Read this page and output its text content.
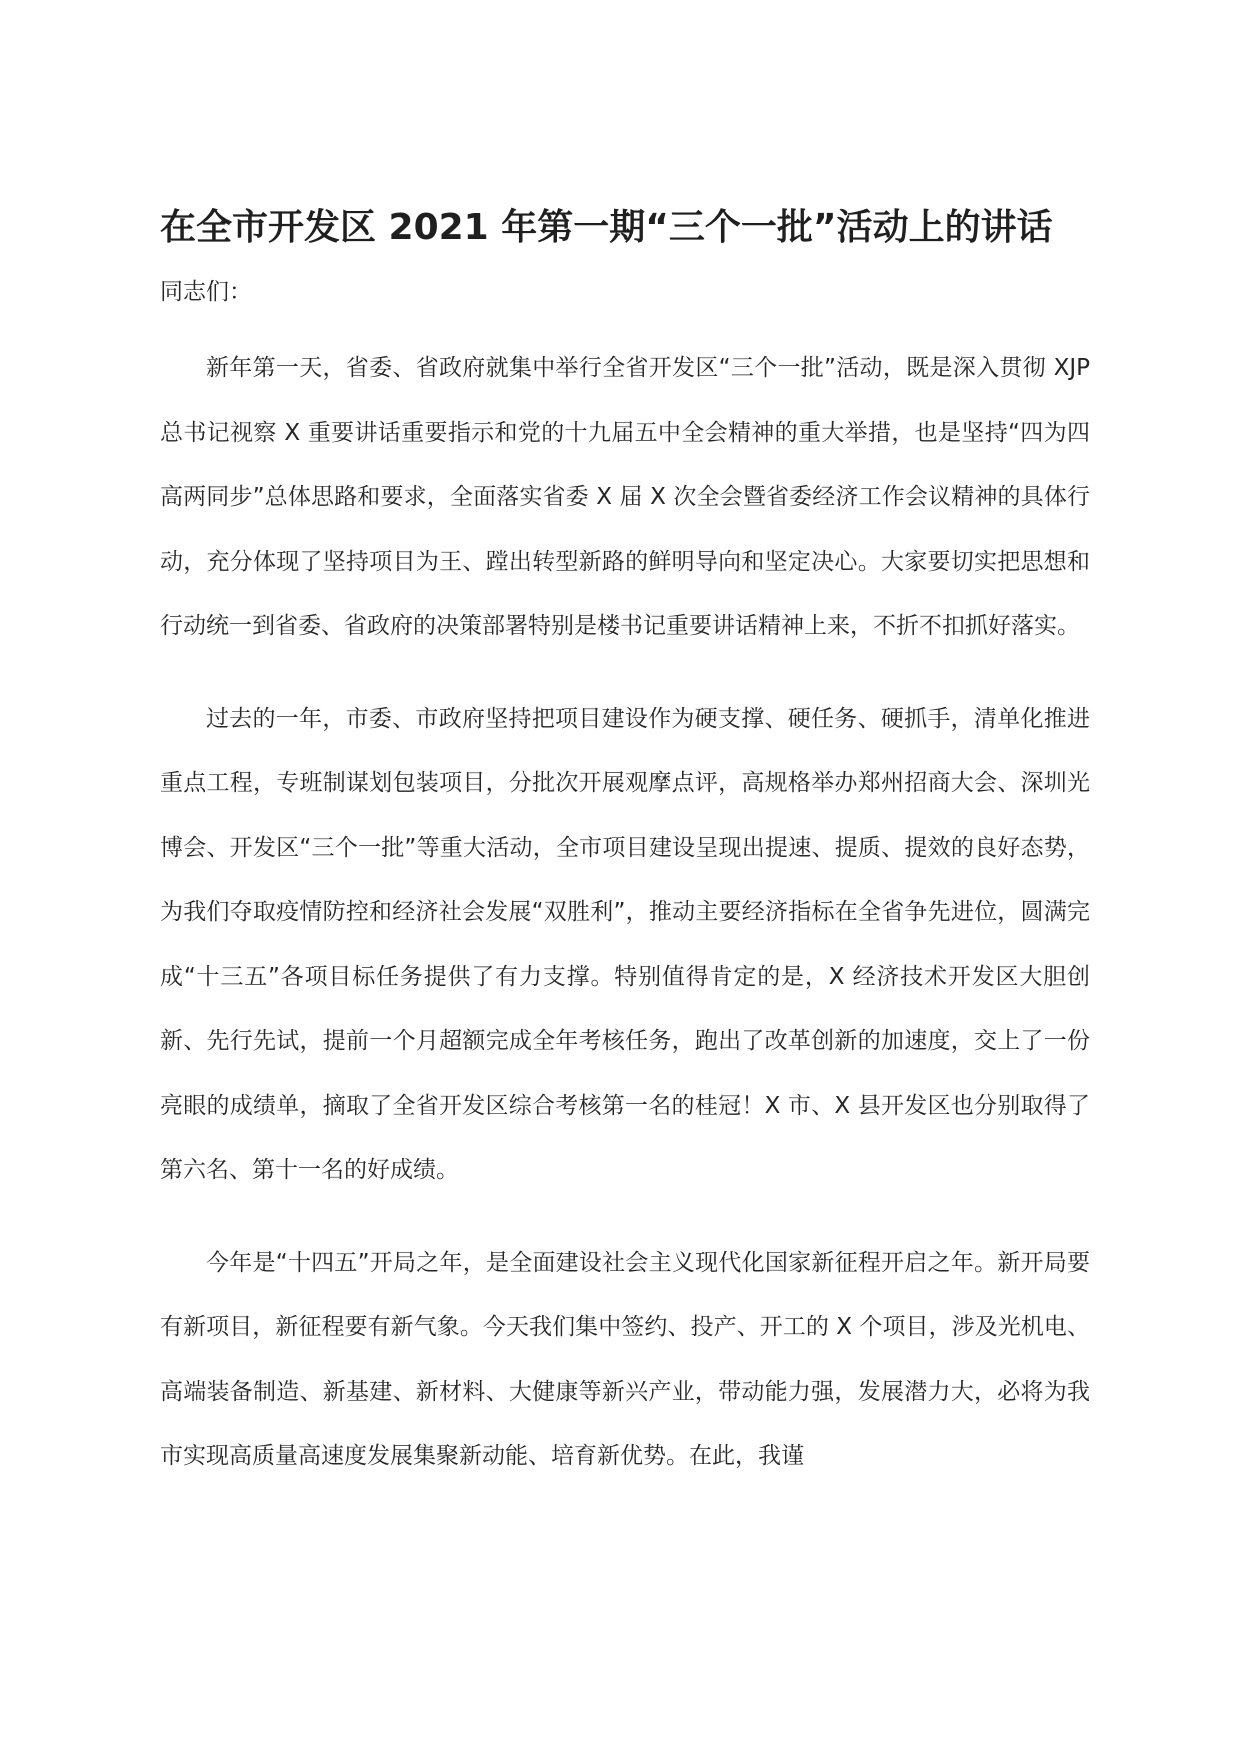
在全市开发区 2021 年第一期“三个一批”活动上的讲话

同志们：

新年第一天，省委、省政府就集中举行全省开发区“三个一批”活动，既是深入贯彻 XJP 总书记视察 X 重要讲话重要指示和党的十九届五中全会精神的重大举措，也是坚持“四为四高两同步”总体思路和要求，全面落实省委 X 届 X 次全会暨省委经济工作会议精神的具体行动，充分体现了坚持项目为王、蹚出转型新路的鲜明导向和坚定决心。大家要切实把思想和行动统一到省委、省政府的决策部署特别是楼书记重要讲话精神上来，不折不扣抓好落实。

过去的一年，市委、市政府坚持把项目建设作为硬支撑、硬任务、硬抓手，清单化推进重点工程，专班制谋划包装项目，分批次开展观摩点评，高规格举办郑州招商大会、深圳光博会、开发区“三个一批”等重大活动，全市项目建设呈现出提速、提质、提效的良好态势，为我们夺取疫情防控和经济社会发展“双胜利”，推动主要经济指标在全省争先进位，圆满完成“十三五”各项目标任务提供了有力支撑。特别值得肯定的是，X 经济技术开发区大胆创新、先行先试，提前一个月超额完成全年考核任务，跑出了改革创新的加速度，交上了一份亮眼的成绩单，摘取了全省开发区综合考核第一名的桂冠！X 市、X 县开发区也分别取得了第六名、第十一名的好成绩。

今年是“十四五”开局之年，是全面建设社会主义现代化国家新征程开启之年。新开局要有新项目，新征程要有新气象。今天我们集中签约、投产、开工的 X 个项目，涉及光机电、高端装备制造、新基建、新材料、大健康等新兴产业，带动能力强，发展潜力大，必将为我市实现高质量高速度发展集聚新动能、培育新优势。在此，我谨
